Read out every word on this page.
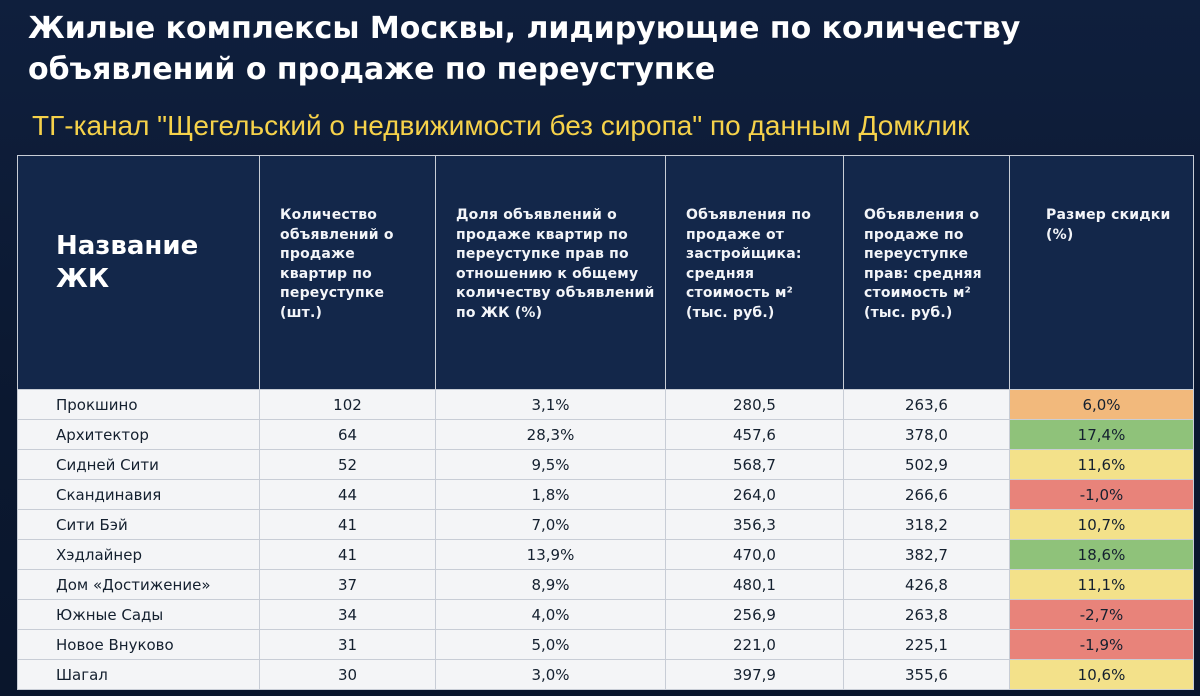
Жилые комплексы Москвы, лидирующие по количеству объявлений о продаже по переуступке
ТГ-канал "Щегельский о недвижимости без сиропа" по данным Домклик
Название ЖК	Количество объявлений о продаже квартир по переуступке (шт.)	Доля объявлений о продаже квартир по переуступке прав по отношению к общему количеству объявлений по ЖК (%)	Объявления по продаже от застройщика: средняя стоимость м² (тыс. руб.)	Объявления о продаже по переуступке прав: средняя стоимость м² (тыс. руб.)	Размер скидки (%)

Прокшино	102	3,1%	280,5	263,6	6,0%
Архитектор	64	28,3%	457,6	378,0	17,4%
Сидней Сити	52	9,5%	568,7	502,9	11,6%
Скандинавия	44	1,8%	264,0	266,6	-1,0%
Сити Бэй	41	7,0%	356,3	318,2	10,7%
Хэдлайнер	41	13,9%	470,0	382,7	18,6%
Дом «Достижение»	37	8,9%	480,1	426,8	11,1%
Южные Сады	34	4,0%	256,9	263,8	-2,7%
Новое Внуково	31	5,0%	221,0	225,1	-1,9%
Шагал	30	3,0%	397,9	355,6	10,6%
